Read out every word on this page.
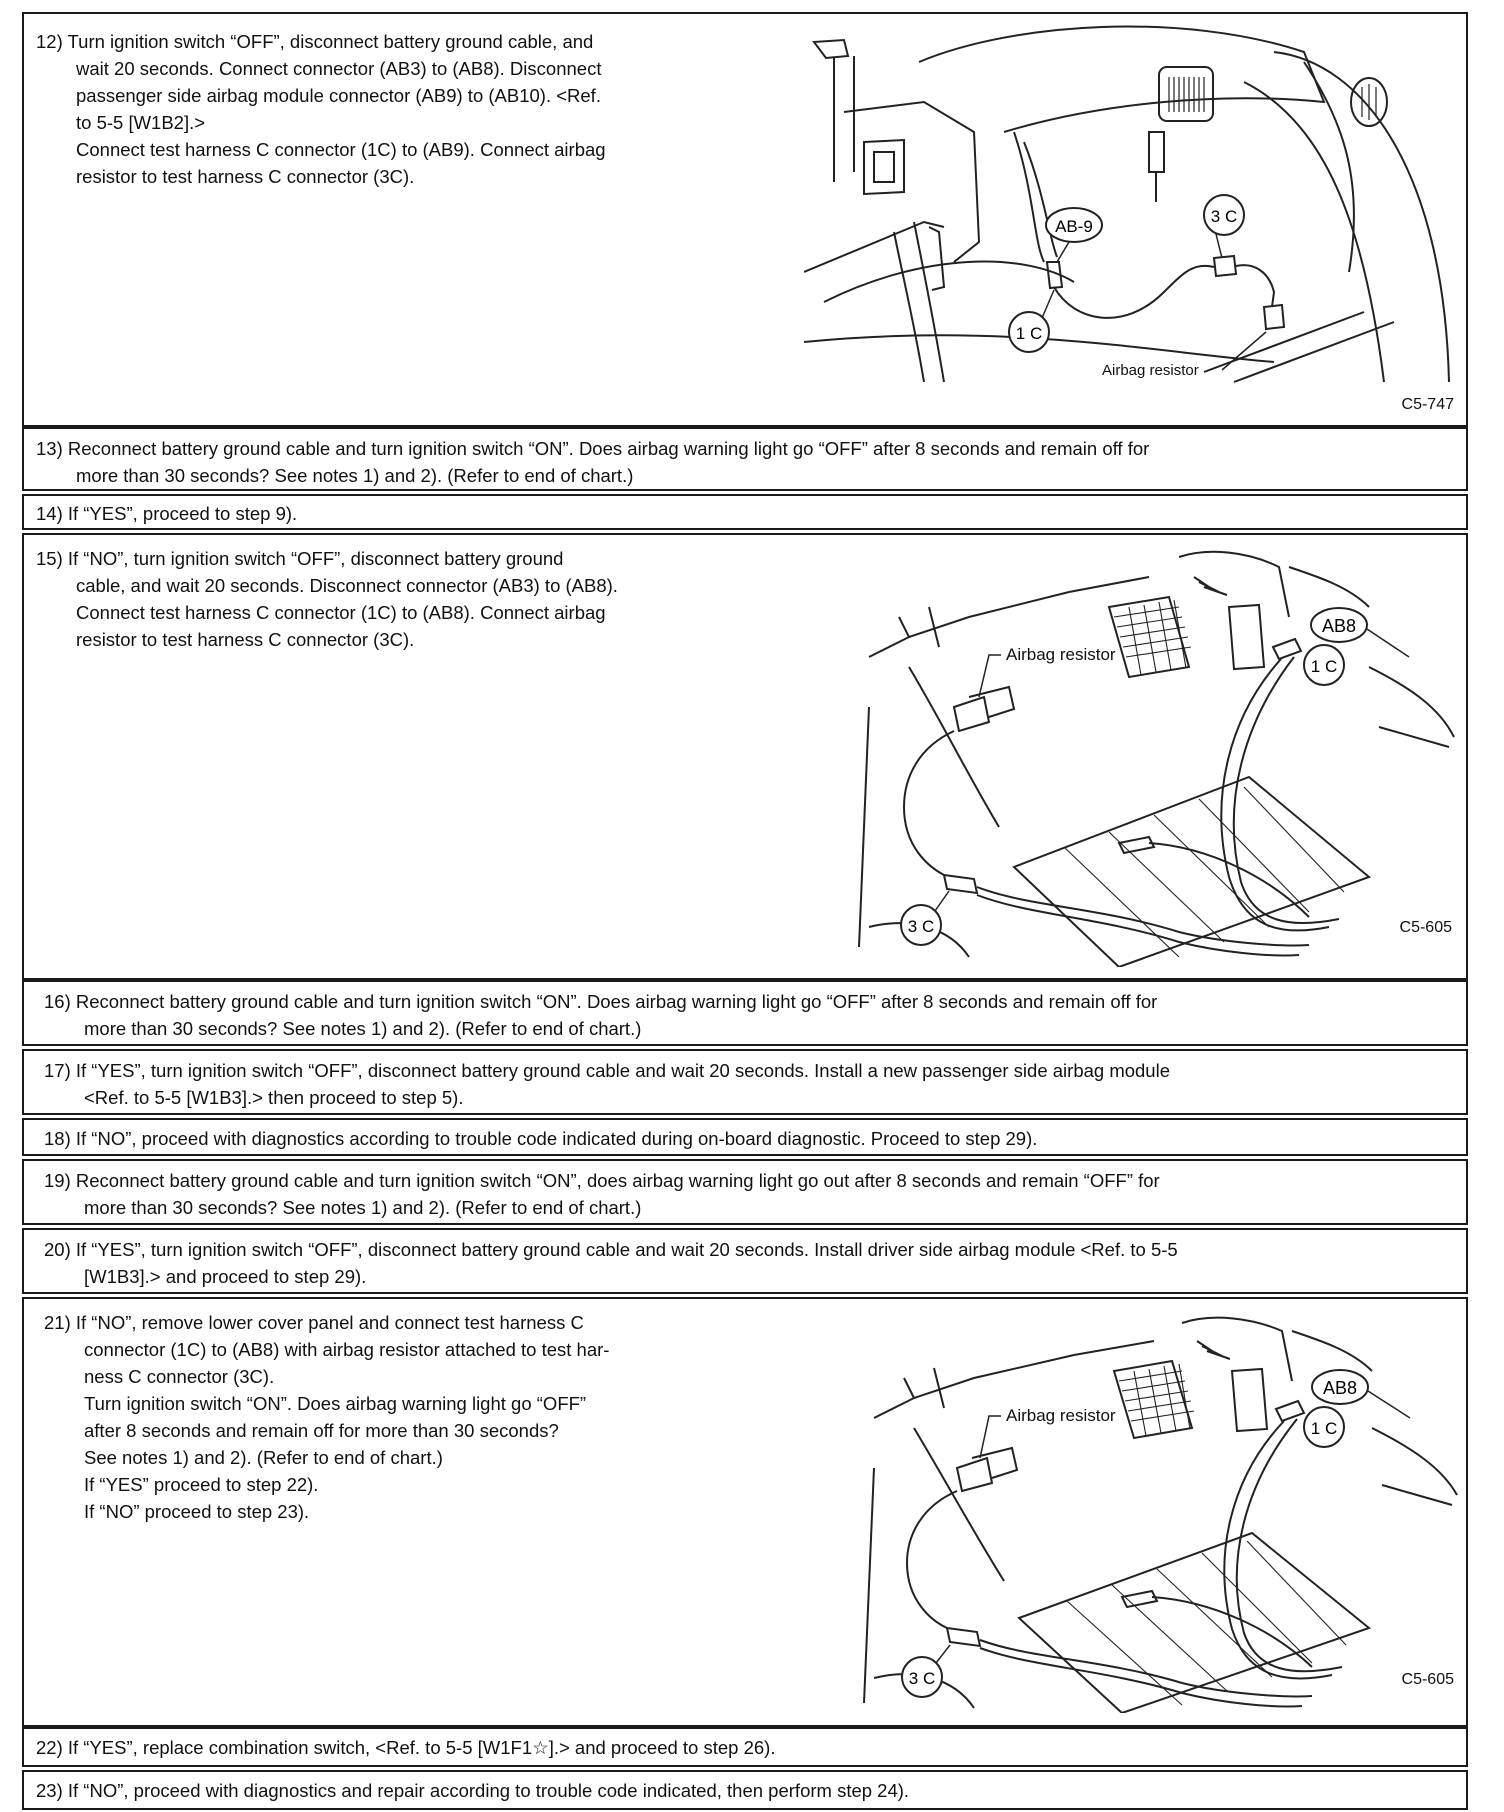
12) Turn ignition switch “OFF”, disconnect battery ground cable, and

wait 20 seconds. Connect connector (AB3) to (AB8). Disconnect

passenger side airbag module connector (AB9) to (AB10). <Ref.

to 5-5 [W1B2].>

Connect test harness C connector (1C) to (AB9). Connect airbag

resistor to test harness C connector (3C).

AB-9
3 C
1 C
Airbag resistor
C5-747

13) Reconnect battery ground cable and turn ignition switch “ON”. Does airbag warning light go “OFF” after 8 seconds and remain off for

more than 30 seconds? See notes 1) and 2). (Refer to end of chart.)

14) If “YES”, proceed to step 9).

15) If “NO”, turn ignition switch “OFF”, disconnect battery ground

cable, and wait 20 seconds. Disconnect connector (AB3) to (AB8).

Connect test harness C connector (1C) to (AB8). Connect airbag

resistor to test harness C connector (3C).

AB8
1 C
3 C
Airbag resistor
C5-605

16) Reconnect battery ground cable and turn ignition switch “ON”. Does airbag warning light go “OFF” after 8 seconds and remain off for

more than 30 seconds? See notes 1) and 2). (Refer to end of chart.)

17) If “YES”, turn ignition switch “OFF”, disconnect battery ground cable and wait 20 seconds. Install a new passenger side airbag module

<Ref. to 5-5 [W1B3].> then proceed to step 5).

18) If “NO”, proceed with diagnostics according to trouble code indicated during on-board diagnostic. Proceed to step 29).

19) Reconnect battery ground cable and turn ignition switch “ON”, does airbag warning light go out after 8 seconds and remain “OFF” for

more than 30 seconds? See notes 1) and 2). (Refer to end of chart.)

20) If “YES”, turn ignition switch “OFF”, disconnect battery ground cable and wait 20 seconds. Install driver side airbag module <Ref. to 5-5

[W1B3].> and proceed to step 29).

21) If “NO”, remove lower cover panel and connect test harness C

connector (1C) to (AB8) with airbag resistor attached to test har-

ness C connector (3C).

Turn ignition switch “ON”. Does airbag warning light go “OFF”

after 8 seconds and remain off for more than 30 seconds?

See notes 1) and 2). (Refer to end of chart.)

If “YES” proceed to step 22).

If “NO” proceed to step 23).

AB8
1 C
3 C
Airbag resistor
C5-605

22) If “YES”, replace combination switch, <Ref. to 5-5 [W1F1☆].> and proceed to step 26).

23) If “NO”, proceed with diagnostics and repair according to trouble code indicated, then perform step 24).
